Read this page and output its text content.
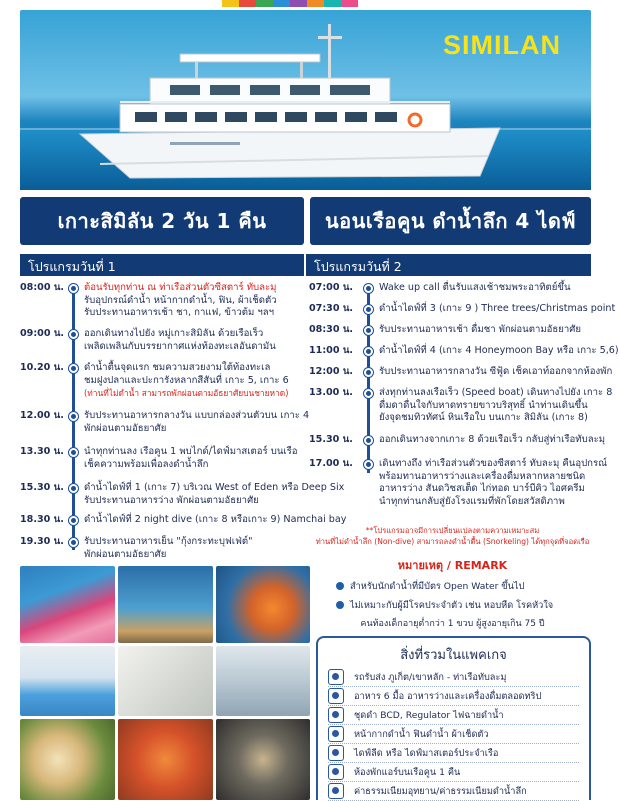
SIMILAN
เกาะสิมิลัน 2 วัน 1 คืน	นอนเรือคูน ดำน้ำลึก 4 ไดฟ์
โปรแกรมวันที่ 1	โปรแกรมวันที่ 2
08:00 น.	ต้อนรับทุกท่าน ณ ท่าเรือส่วนตัวซีสตาร์ ทับละมุ
รับอุปกรณ์ดำน้ำ หน้ากากดำน้ำ, ฟิน, ผ้าเช็ดตัว
รับประทานอาหารเช้า ชา, กาแฟ, ข้าวต้ม ฯลฯ
09:00 น.	ออกเดินทางไปยัง หมู่เกาะสิมิลัน ด้วยเรือเร็ว
เพลิดเพลินกับบรรยากาศแห่งท้องทะเลอันดามัน
10.20 น.	ดำน้ำตื้นจุดแรก ชมความสวยงามใต้ท้องทะเล
ชมฝูงปลาและปะการังหลากสีสันที่ เกาะ 5, เกาะ 6
(ท่านที่ไม่ดำน้ำ สามารถพักผ่อนตามอัธยาศัยบนชายหาด)
12.00 น.	รับประทานอาหารกลางวัน แบบกล่องส่วนตัวบน เกาะ 4
พักผ่อนตามอัธยาศัย
13.30 น.	นำทุกท่านลง เรือคูน 1 พบไกด์/ไดฟ์มาสเตอร์ บนเรือ
เช็คความพร้อมเพื่อลงดำน้ำลึก
15.30 น.	ดำน้ำไดฟ์ที่ 1 (เกาะ 7) บริเวณ West of Eden หรือ Deep Six
รับประทานอาหารว่าง พักผ่อนตามอัธยาศัย
18.30 น.	ดำน้ำไดฟ์ที่ 2 night dive (เกาะ 8 หรือเกาะ 9) Namchai bay
19.30 น.	รับประทานอาหารเย็น "กุ้งกระทะบุฟเฟ่ต์"
พักผ่อนตามอัธยาศัย
07:00 น.	Wake up call ตื่นรับแสงเช้าชมพระอาทิตย์ขึ้น
07:30 น.	ดำน้ำไดฟ์ที่ 3 (เกาะ 9 ) Three trees/Christmas point
08:30 น.	รับประทานอาหารเช้า ดื่มชา พักผ่อนตามอัธยาศัย
11:00 น.	ดำน้ำไดฟ์ที่ 4 (เกาะ 4 Honeymoon Bay หรือ เกาะ 5,6)
12:00 น.	รับประทานอาหารกลางวัน ซีฟู้ด เช็คเอาท์ออกจากห้องพัก
13.00 น.	ส่งทุกท่านลงเรือเร็ว (Speed boat) เดินทางไปยัง เกาะ 8
ดื่มดาดื่นใจกับหาดทรายขาวบริสุทธิ์ นำท่านเดินขึ้น
ยังจุดชมทิวทัศน์ หินเรือใบ บนเกาะ สิมิลัน (เกาะ 8)
15.30 น.	ออกเดินทางจากเกาะ 8 ด้วยเรือเร็ว กลับสู่ท่าเรือทับละมุ
17.00 น.	เดินทางถึง ท่าเรือส่วนตัวของซีสตาร์ ทับละมุ คืนอุปกรณ์
พร้อมทานอาหารว่างและเครื่องดื่มหลากหลายชนิด
อาหารว่าง สันดวิชสเต็ด ไก่ทอด บาร์บีคิว ไอศครีม
นำทุกท่านกลับสู่ยังโรงแรมที่พักโดยสวัสดิภาพ
**โปรแกรมอาจมีการเปลี่ยนแปลงตามความเหมาะสม
ท่านที่ไม่ดำน้ำลึก (Non-dive) สามารถลงดำน้ำตื้น (Snorkeling) ได้ทุกจุดที่จอดเรือ
หมายเหตุ / REMARK
สำหรับนักดำน้ำที่มีบัตร Open Water ขึ้นไป
ไม่เหมาะกับผู้มีโรคประจำตัว เช่น หอบหืด โรคหัวใจ
คนท้องเด็กอายุต่ำกว่า 1 ขวบ ผู้สูงอายุเกิน 75 ปี
สิ่งที่รวมในแพคเกจ
รถรับส่ง ภูเก็ต/เขาหลัก - ท่าเรือทับละมุ
อาหาร 6 มื้อ อาหารว่างและเครื่องดื่มตลอดทริป
ชุดดำ BCD, Regulator ไฟฉายดำน้ำ
หน้ากากดำน้ำ ฟินดำน้ำ ผ้าเช็ดตัว
ไดฟ์ลีด หรือ ไดฟ์มาสเตอร์ประจำเรือ
ห้องพักแอร์บนเรือคูน 1 คืน
ค่าธรรมเนียมอุทยาน/ค่าธรรมเนียมดำน้ำลึก
